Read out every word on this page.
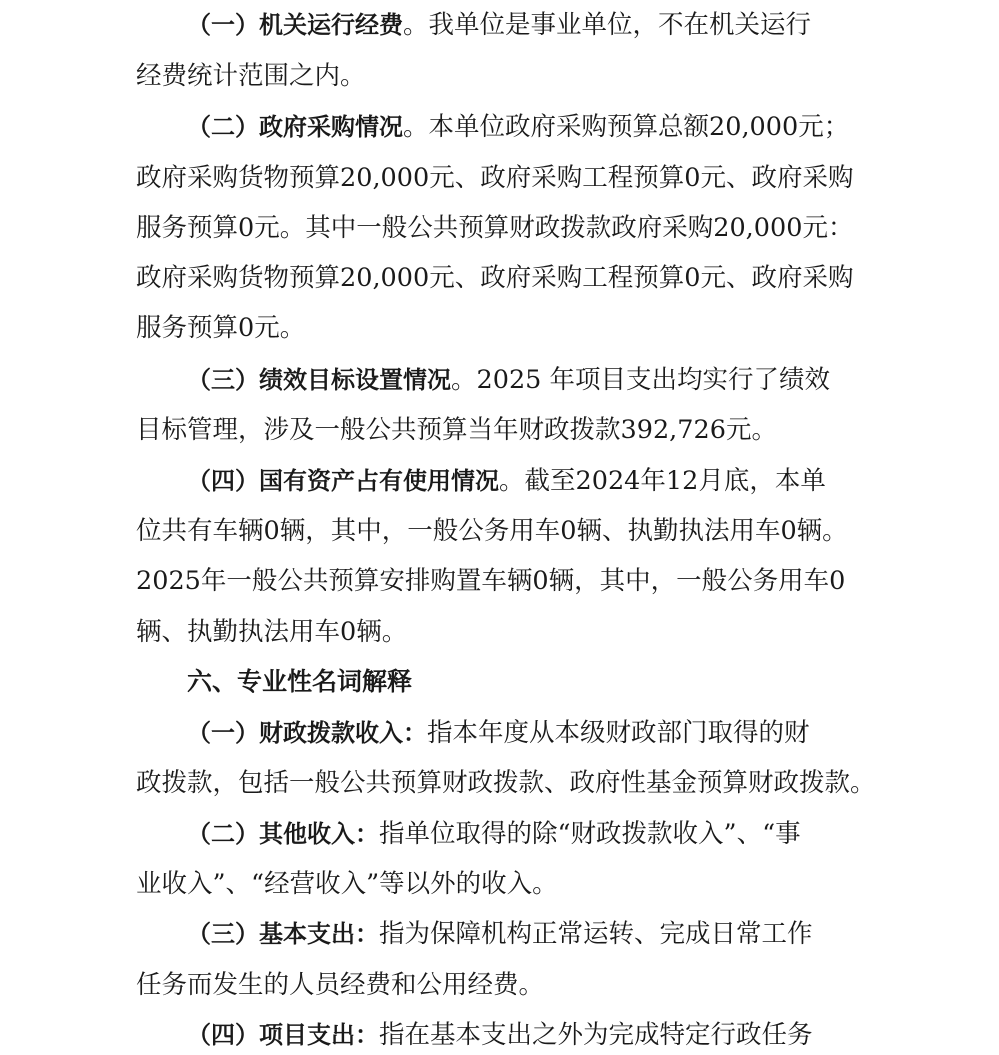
（一）机关运行经费。我单位是事业单位，不在机关运行
经费统计范围之内。
（二）政府采购情况。本单位政府采购预算总额20,000元；
政府采购货物预算20,000元、政府采购工程预算0元、政府采购
服务预算0元。其中一般公共预算财政拨款政府采购20,000元：
政府采购货物预算20,000元、政府采购工程预算0元、政府采购
服务预算0元。
（三）绩效目标设置情况。2025 年项目支出均实行了绩效
目标管理，涉及一般公共预算当年财政拨款392,726元。
（四）国有资产占有使用情况。截至2024年12月底，本单
位共有车辆0辆，其中，一般公务用车0辆、执勤执法用车0辆。
2025年一般公共预算安排购置车辆0辆，其中，一般公务用车0
辆、执勤执法用车0辆。
六、专业性名词解释
（一）财政拨款收入：指本年度从本级财政部门取得的财
政拨款，包括一般公共预算财政拨款、政府性基金预算财政拨款。
（二）其他收入：指单位取得的除“财政拨款收入”、“事
业收入”、“经营收入”等以外的收入。
（三）基本支出：指为保障机构正常运转、完成日常工作
任务而发生的人员经费和公用经费。
（四）项目支出：指在基本支出之外为完成特定行政任务
